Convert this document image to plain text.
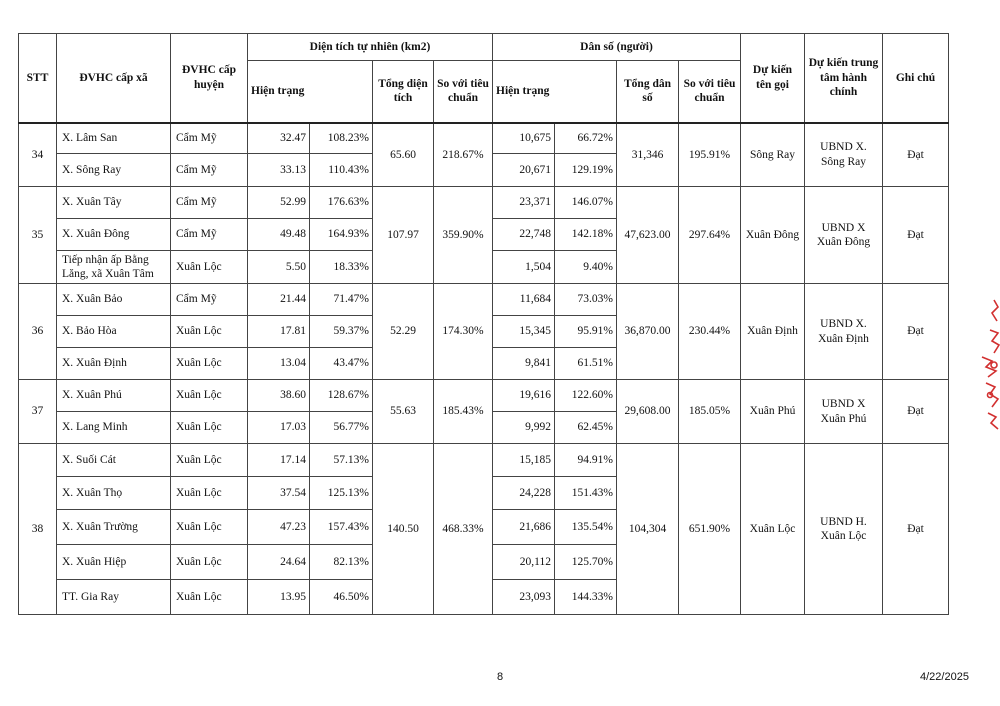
STT	ĐVHC cấp xã	ĐVHC cấp huyện	Diện tích tự nhiên (km2)				Dân số (người)				Dự kiến tên gọi	Dự kiến trung tâm hành chính	Ghi chú
			Hiện trạng		Tổng diện tích	So với tiêu chuẩn	Hiện trạng		Tổng dân số	So với tiêu chuẩn			
34	X. Lâm San	Cẩm Mỹ	32.47	108.23%	65.60	218.67%	10,675	66.72%	31,346	195.91%	Sông Ray	UBND X. Sông Ray	Đạt
	X. Sông Ray	Cẩm Mỹ	33.13	110.43%			20,671	129.19%					
35	X. Xuân Tây	Cẩm Mỹ	52.99	176.63%	107.97	359.90%	23,371	146.07%	47,623.00	297.64%	Xuân Đông	UBND X Xuân Đông	Đạt
	X. Xuân Đông	Cẩm Mỹ	49.48	164.93%			22,748	142.18%					
	Tiếp nhận ấp Bằng Lăng, xã Xuân Tâm	Xuân Lộc	5.50	18.33%			1,504	9.40%					
36	X. Xuân Bảo	Cẩm Mỹ	21.44	71.47%	52.29	174.30%	11,684	73.03%	36,870.00	230.44%	Xuân Định	UBND X. Xuân Định	Đạt
	X. Bảo Hòa	Xuân Lộc	17.81	59.37%			15,345	95.91%					
	X. Xuân Định	Xuân Lộc	13.04	43.47%			9,841	61.51%					
37	X. Xuân Phú	Xuân Lộc	38.60	128.67%	55.63	185.43%	19,616	122.60%	29,608.00	185.05%	Xuân Phú	UBND X Xuân Phú	Đạt
	X. Lang Minh	Xuân Lộc	17.03	56.77%			9,992	62.45%					
38	X. Suối Cát	Xuân Lộc	17.14	57.13%	140.50	468.33%	15,185	94.91%	104,304	651.90%	Xuân Lộc	UBND H. Xuân Lộc	Đạt
	X. Xuân Thọ	Xuân Lộc	37.54	125.13%			24,228	151.43%					
	X. Xuân Trường	Xuân Lộc	47.23	157.43%			21,686	135.54%					
	X. Xuân Hiệp	Xuân Lộc	24.64	82.13%			20,112	125.70%					
	TT. Gia Ray	Xuân Lộc	13.95	46.50%			23,093	144.33%					
8	4/22/2025
